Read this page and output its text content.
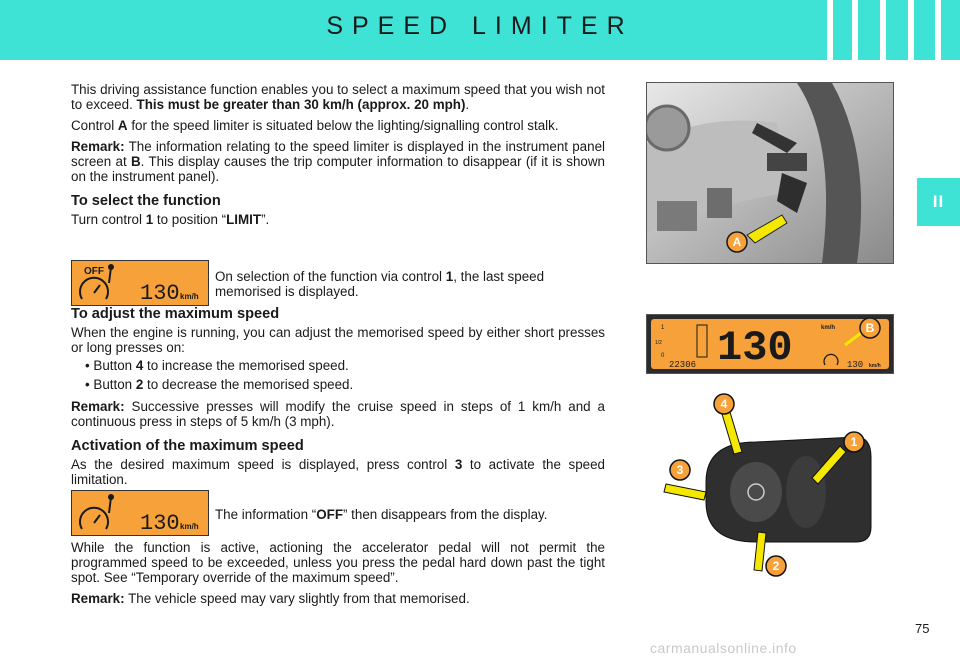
SPEED LIMITER
II

This driving assistance function enables you to select a maximum speed that you wish not to exceed. This must be greater than 30 km/h (approx. 20 mph).

Control A for the speed limiter is situated below the lighting/signalling control stalk.

Remark: The information relating to the speed limiter is displayed in the instrument panel screen at B. This display causes the trip computer information to disappear (if it is shown on the instrument panel).

To select the function

Turn control 1 to position “LIMIT”.

OFF
130 km/h
On selection of the function via control 1, the last speed memorised is displayed.
To adjust the maximum speed

When the engine is running, you can adjust the memorised speed by either short presses or long presses on:

• Button 4 to increase the memorised speed.

• Button 2 to decrease the memorised speed.

Remark: Successive presses will modify the cruise speed in steps of 1 km/h and a continuous press in steps of 5 km/h (3 mph).

Activation of the maximum speed

As the desired maximum speed is displayed, press control 3 to activate the speed limitation.

130 km/h
The information “OFF” then disappears from the display.

While the function is active, actioning the accelerator pedal will not permit the programmed speed to be exceeded, unless you press the pedal hard down past the tight spot. See “Temporary override of the maximum speed”.

Remark: The vehicle speed may vary slightly from that memorised.

A
1
1/2
0 130	km/h
22306	130 km/h
B
4
1
3
2
75
carmanualsonline.info
